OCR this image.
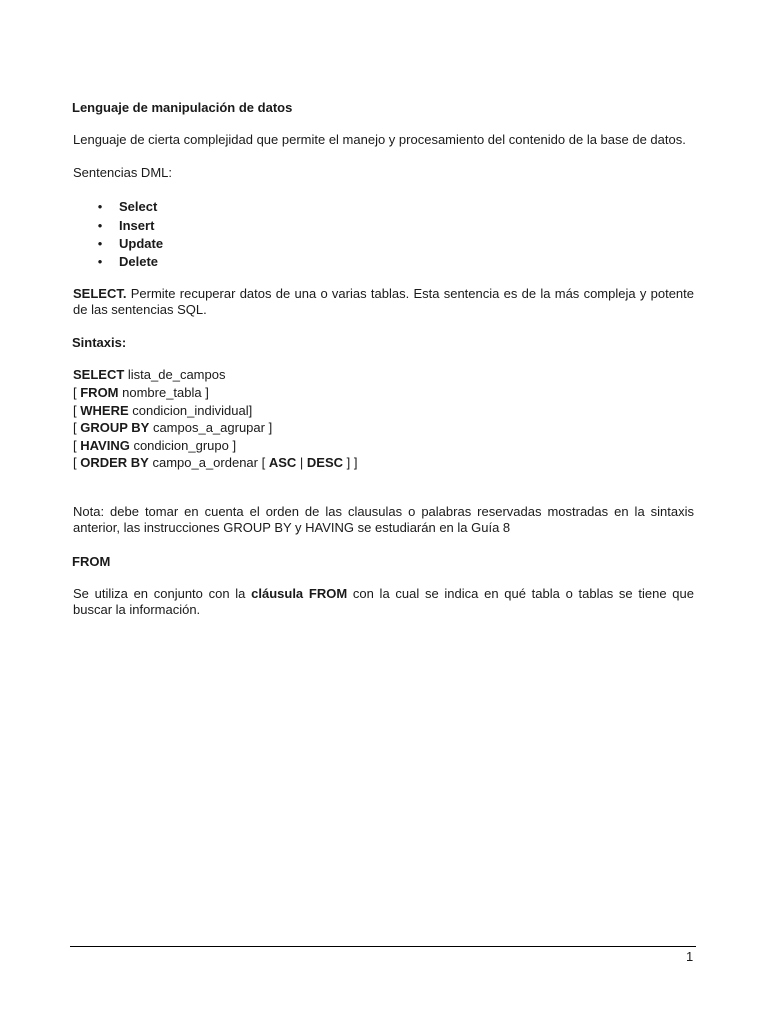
Lenguaje de manipulación de datos
Lenguaje de cierta complejidad que permite el manejo y procesamiento del contenido de la base de datos.
Sentencias DML:
• Select
• Insert
• Update
• Delete
SELECT. Permite recuperar datos de una o varias tablas. Esta sentencia es de la más compleja y potente de las sentencias SQL.
Sintaxis:
SELECT lista_de_campos
[ FROM nombre_tabla ]
[ WHERE condicion_individual]
[ GROUP BY campos_a_agrupar ]
[ HAVING condicion_grupo ]
[ ORDER BY campo_a_ordenar [ ASC | DESC ] ]
Nota: debe tomar en cuenta el orden de las clausulas o palabras reservadas mostradas en la sintaxis anterior, las instrucciones GROUP BY y HAVING se estudiarán en la Guía 8
FROM
Se utiliza en conjunto con la cláusula FROM con la cual se indica en qué tabla o tablas se tiene que buscar la información.
1
